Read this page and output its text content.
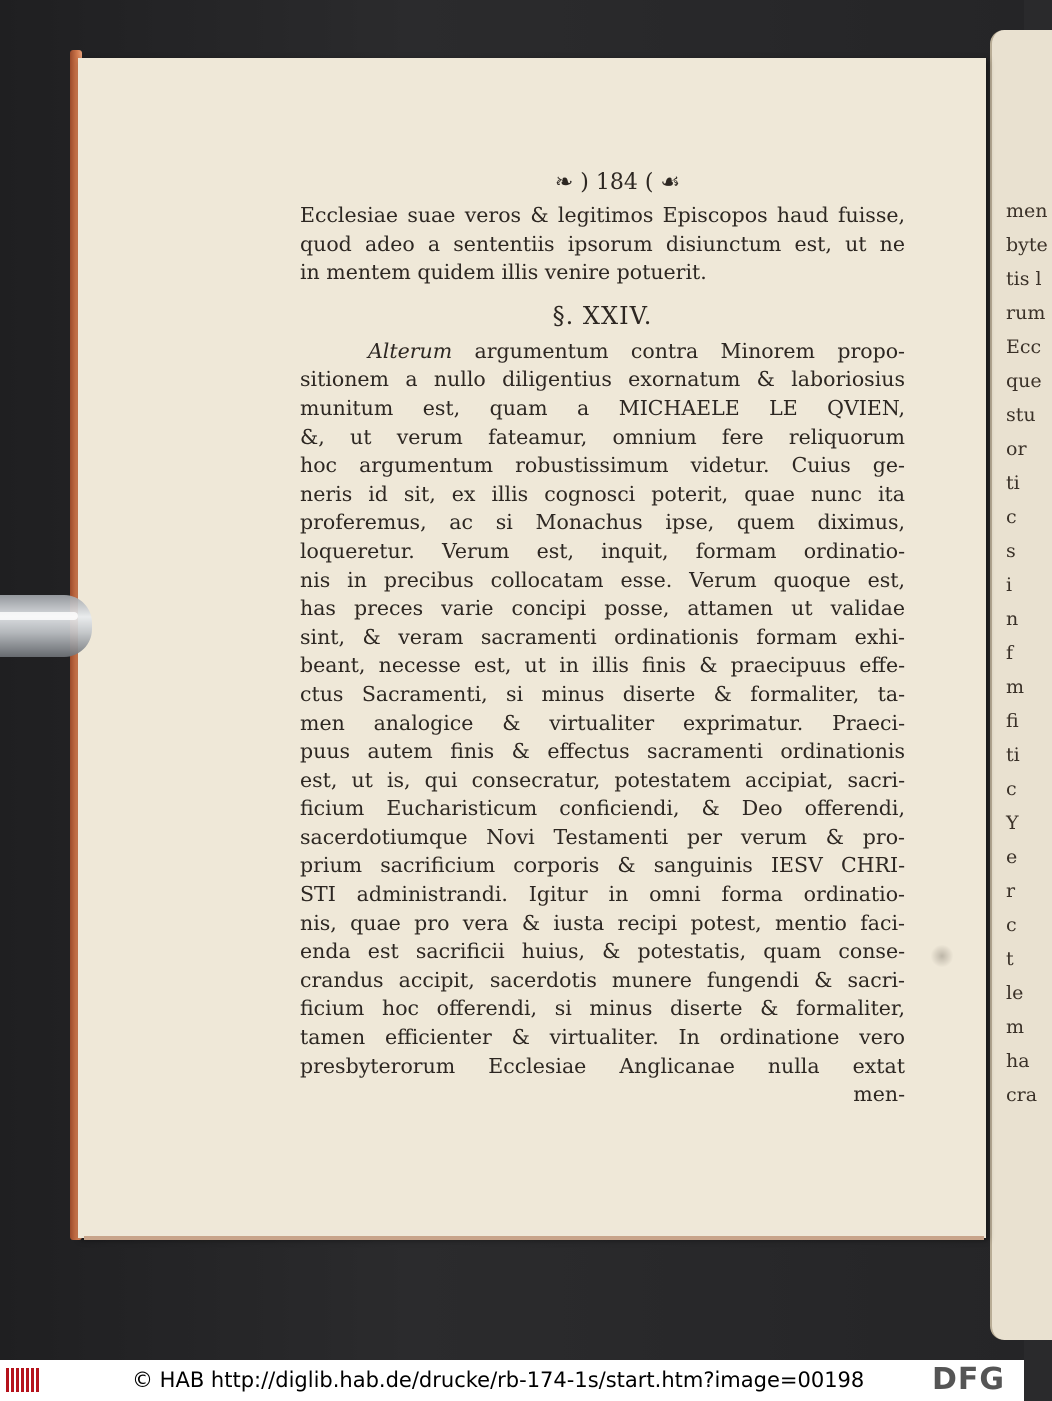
men
byte
tis l
rum
Ecc
que
stu
or
ti
c
s
i
n
f
m
fi
ti
c
Y
e
r
c
t
le
m
ha
cra
❧ ) 184 ( ☙
Ecclesiae suae veros & legitimos Episcopos haud fuisse,
quod adeo a sententiis ipsorum disiunctum est, ut ne
in mentem quidem illis venire potuerit.
§. XXIV.
Alterum argumentum contra Minorem propo-
sitionem a nullo diligentius exornatum & laboriosius
munitum est, quam a MICHAELE LE QVIEN,
&, ut verum fateamur, omnium fere reliquorum
hoc argumentum robustissimum videtur. Cuius ge-
neris id sit, ex illis cognosci poterit, quae nunc ita
proferemus, ac si Monachus ipse, quem diximus,
loqueretur. Verum est, inquit, formam ordinatio-
nis in precibus collocatam esse. Verum quoque est,
has preces varie concipi posse, attamen ut validae
sint, & veram sacramenti ordinationis formam exhi-
beant, necesse est, ut in illis finis & praecipuus effe-
ctus Sacramenti, si minus diserte & formaliter, ta-
men analogice & virtualiter exprimatur. Praeci-
puus autem finis & effectus sacramenti ordinationis
est, ut is, qui consecratur, potestatem accipiat, sacri-
ficium Eucharisticum conficiendi, & Deo offerendi,
sacerdotiumque Novi Testamenti per verum & pro-
prium sacrificium corporis & sanguinis IESV CHRI-
STI administrandi. Igitur in omni forma ordinatio-
nis, quae pro vera & iusta recipi potest, mentio faci-
enda est sacrificii huius, & potestatis, quam conse-
crandus accipit, sacerdotis munere fungendi & sacri-
ficium hoc offerendi, si minus diserte & formaliter,
tamen efficienter & virtualiter. In ordinatione vero
presbyterorum Ecclesiae Anglicanae nulla extat
men-
© HAB http://diglib.hab.de/drucke/rb-174-1s/start.htm?image=00198 DFG
